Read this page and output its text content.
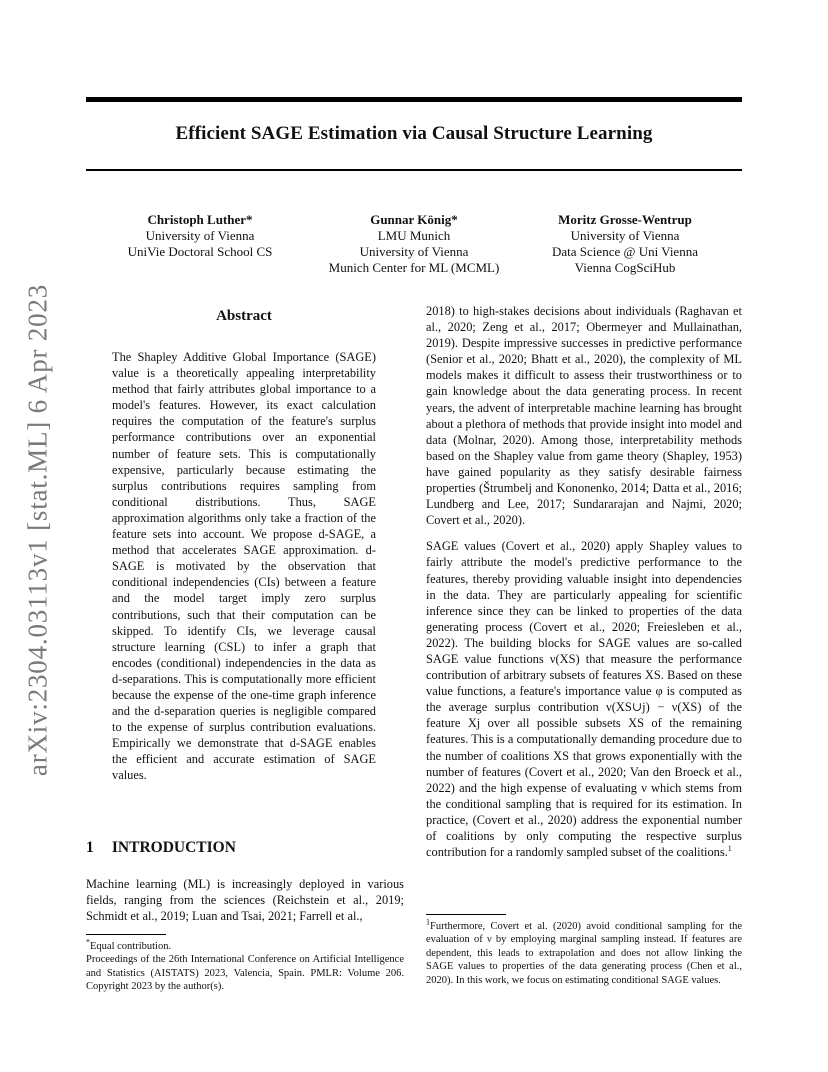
arXiv:2304.03113v1 [stat.ML] 6 Apr 2023
Efficient SAGE Estimation via Causal Structure Learning
Christoph Luther*
University of Vienna
UniVie Doctoral School CS
Gunnar König*
LMU Munich
University of Vienna
Munich Center for ML (MCML)
Moritz Grosse-Wentrup
University of Vienna
Data Science @ Uni Vienna
Vienna CogSciHub
Abstract
The Shapley Additive Global Importance (SAGE) value is a theoretically appealing interpretability method that fairly attributes global importance to a model's features. However, its exact calculation requires the computation of the feature's surplus performance contributions over an exponential number of feature sets. This is computationally expensive, particularly because estimating the surplus contributions requires sampling from conditional distributions. Thus, SAGE approximation algorithms only take a fraction of the feature sets into account. We propose d-SAGE, a method that accelerates SAGE approximation. d-SAGE is motivated by the observation that conditional independencies (CIs) between a feature and the model target imply zero surplus contributions, such that their computation can be skipped. To identify CIs, we leverage causal structure learning (CSL) to infer a graph that encodes (conditional) independencies in the data as d-separations. This is computationally more efficient because the expense of the one-time graph inference and the d-separation queries is negligible compared to the expense of surplus contribution evaluations. Empirically we demonstrate that d-SAGE enables the efficient and accurate estimation of SAGE values.
1 INTRODUCTION
Machine learning (ML) is increasingly deployed in various fields, ranging from the sciences (Reichstein et al., 2019; Schmidt et al., 2019; Luan and Tsai, 2021; Farrell et al.,

*Equal contribution.

Proceedings of the 26th International Conference on Artificial Intelligence and Statistics (AISTATS) 2023, Valencia, Spain. PMLR: Volume 206. Copyright 2023 by the author(s).

2018) to high-stakes decisions about individuals (Raghavan et al., 2020; Zeng et al., 2017; Obermeyer and Mullainathan, 2019). Despite impressive successes in predictive performance (Senior et al., 2020; Bhatt et al., 2020), the complexity of ML models makes it difficult to assess their trustworthiness or to gain knowledge about the data generating process. In recent years, the advent of interpretable machine learning has brought about a plethora of methods that provide insight into model and data (Molnar, 2020). Among those, interpretability methods based on the Shapley value from game theory (Shapley, 1953) have gained popularity as they satisfy desirable fairness properties (Štrumbelj and Kononenko, 2014; Datta et al., 2016; Lundberg and Lee, 2017; Sundararajan and Najmi, 2020; Covert et al., 2020).

SAGE values (Covert et al., 2020) apply Shapley values to fairly attribute the model's predictive performance to the features, thereby providing valuable insight into dependencies in the data. They are particularly appealing for scientific inference since they can be linked to properties of the data generating process (Covert et al., 2020; Freiesleben et al., 2022). The building blocks for SAGE values are so-called SAGE value functions ν(XS) that measure the performance contribution of arbitrary subsets of features XS. Based on these value functions, a feature's importance value φ is computed as the average surplus contribution ν(XS∪j) − ν(XS) of the feature Xj over all possible subsets XS of the remaining features. This is a computationally demanding procedure due to the number of coalitions XS that grows exponentially with the number of features (Covert et al., 2020; Van den Broeck et al., 2022) and the high expense of evaluating ν which stems from the conditional sampling that is required for its estimation. In practice, (Covert et al., 2020) address the exponential number of coalitions by only computing the respective surplus contribution for a randomly sampled subset of the coalitions.$^1$

$^1$Furthermore, Covert et al. (2020) avoid conditional sampling for the evaluation of ν by employing marginal sampling instead. If features are dependent, this leads to extrapolation and does not allow linking the SAGE values to properties of the data generating process (Chen et al., 2020). In this work, we focus on estimating conditional SAGE values.
